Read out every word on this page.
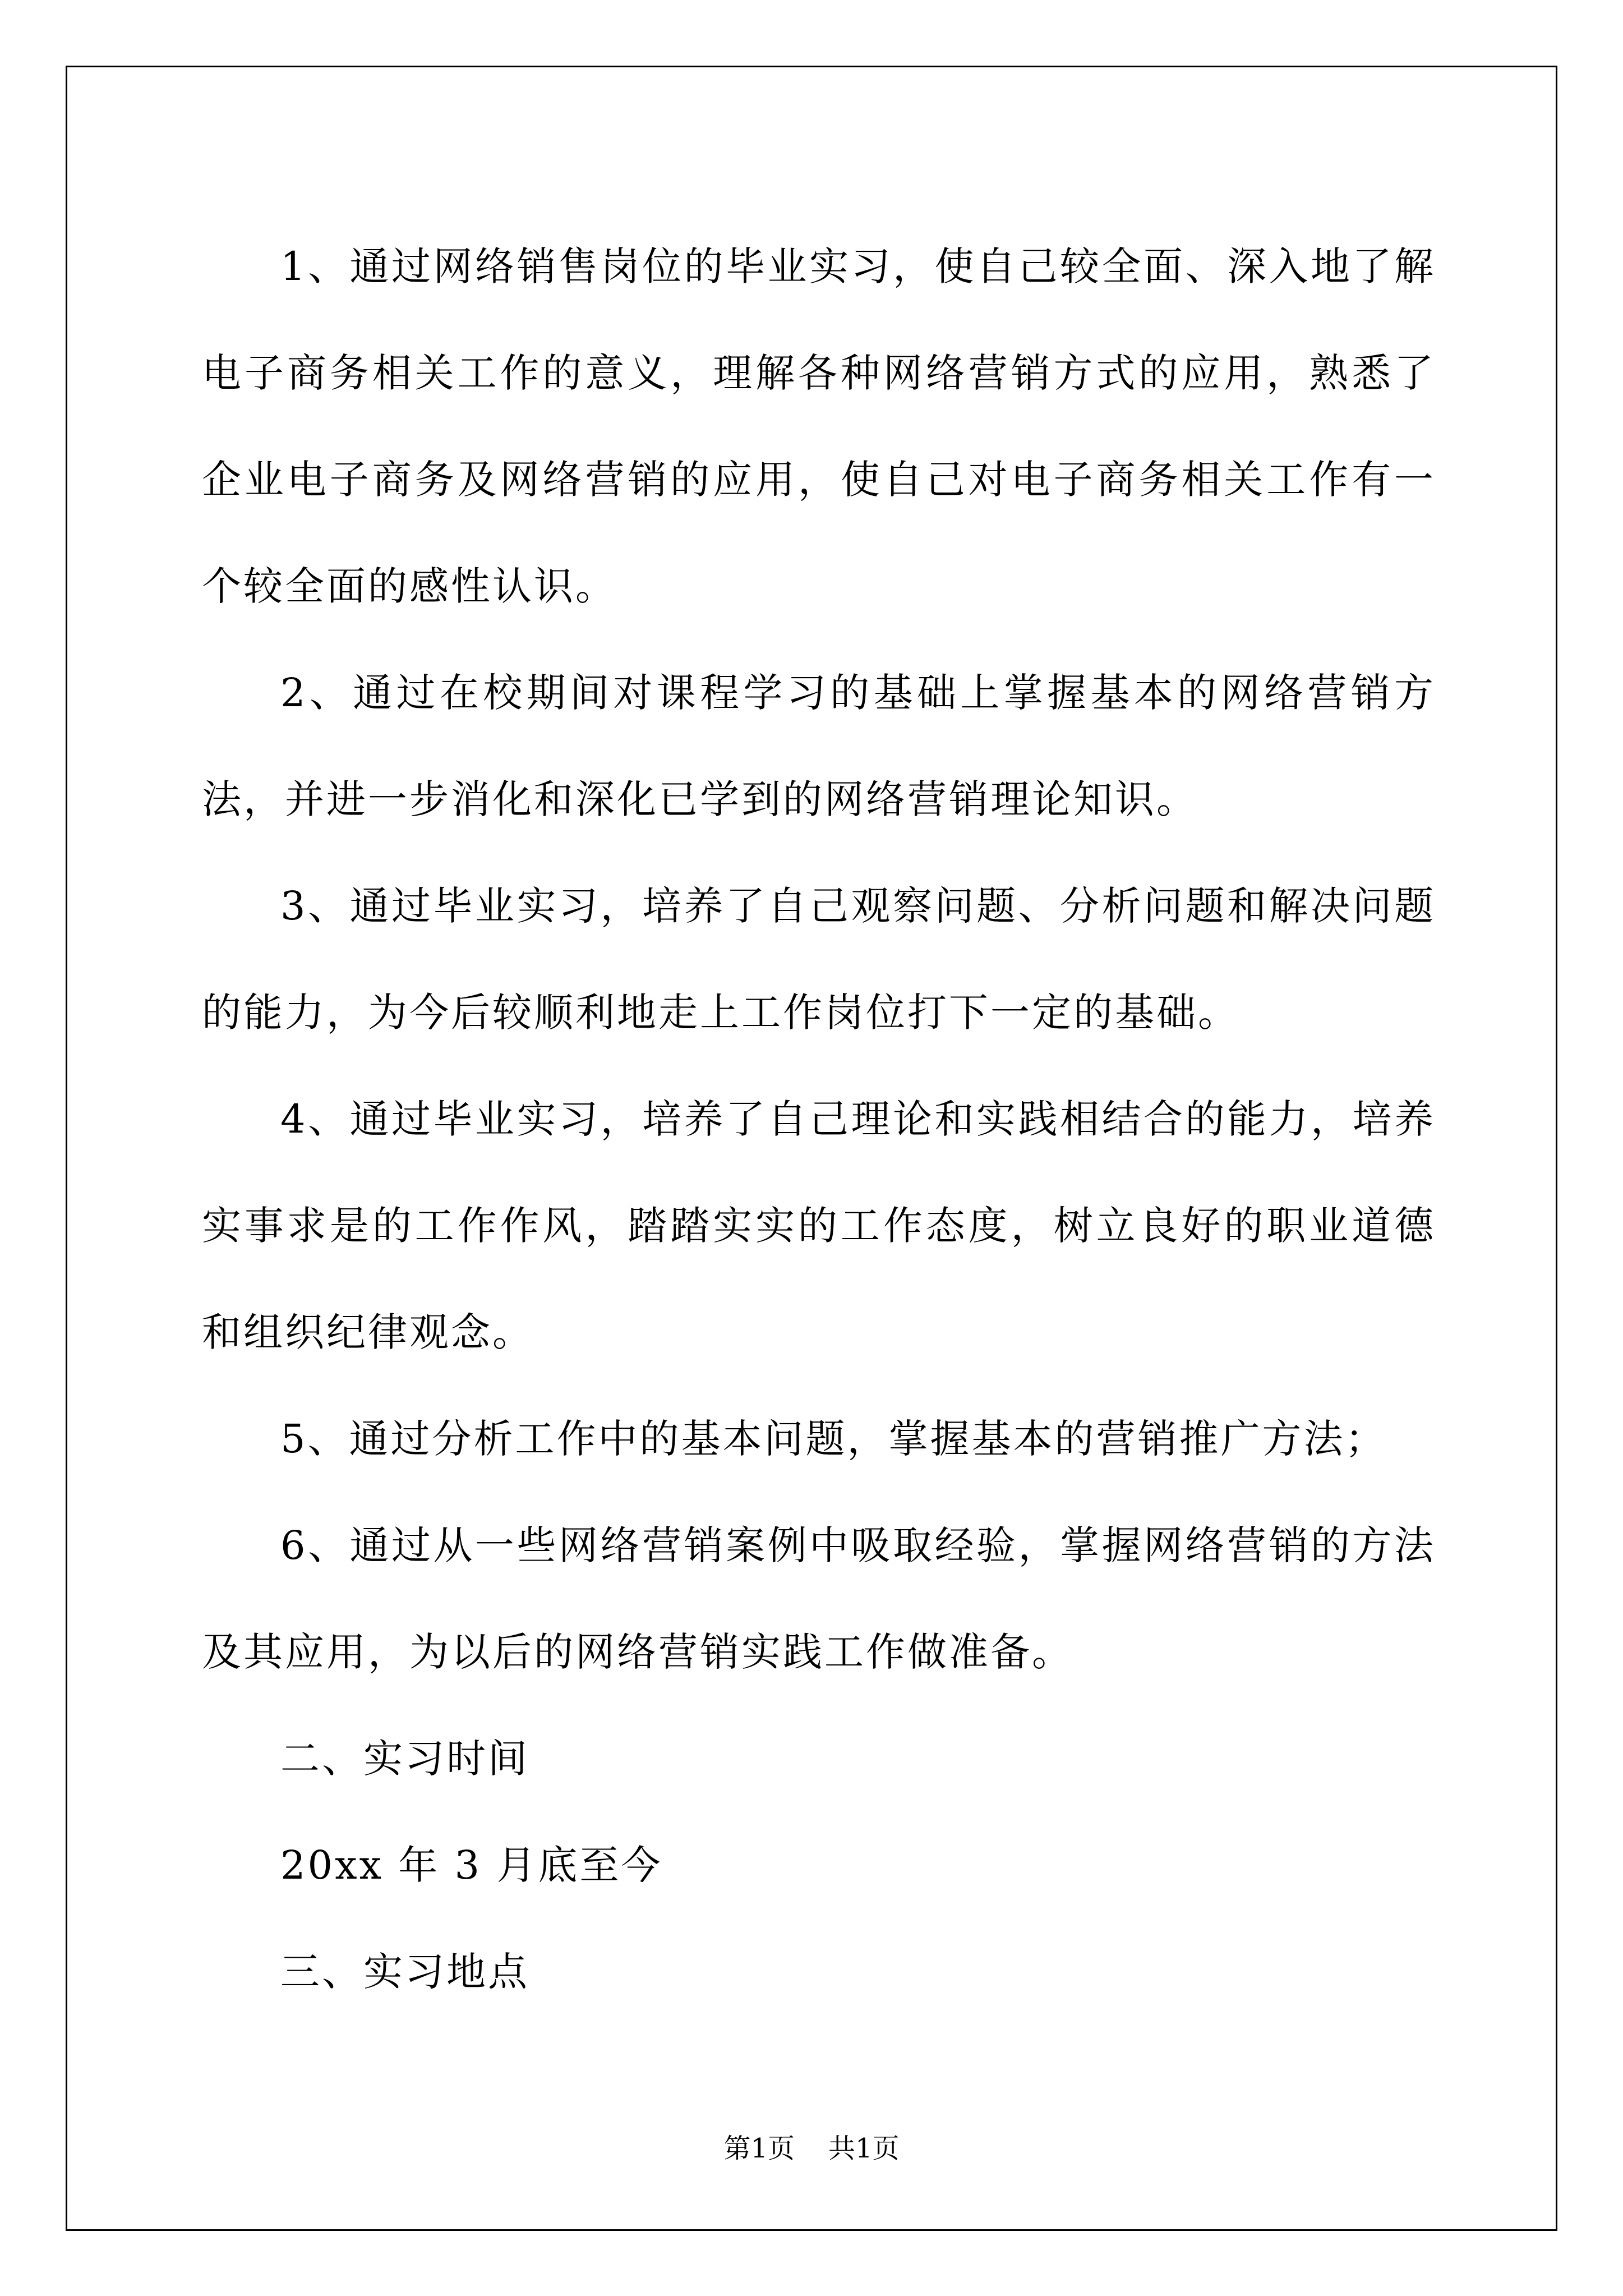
1、通过网络销售岗位的毕业实习，使自己较全面、深入地了解电子商务相关工作的意义，理解各种网络营销方式的应用，熟悉了企业电子商务及网络营销的应用，使自己对电子商务相关工作有一个较全面的感性认识。

2、通过在校期间对课程学习的基础上掌握基本的网络营销方法，并进一步消化和深化已学到的网络营销理论知识。

3、通过毕业实习，培养了自己观察问题、分析问题和解决问题的能力，为今后较顺利地走上工作岗位打下一定的基础。

4、通过毕业实习，培养了自己理论和实践相结合的能力，培养实事求是的工作作风，踏踏实实的工作态度，树立良好的职业道德和组织纪律观念。

5、通过分析工作中的基本问题，掌握基本的营销推广方法；

6、通过从一些网络营销案例中吸取经验，掌握网络营销的方法及其应用，为以后的网络营销实践工作做准备。

二、实习时间

20xx 年 3 月底至今

三、实习地点

第1页 共1页
